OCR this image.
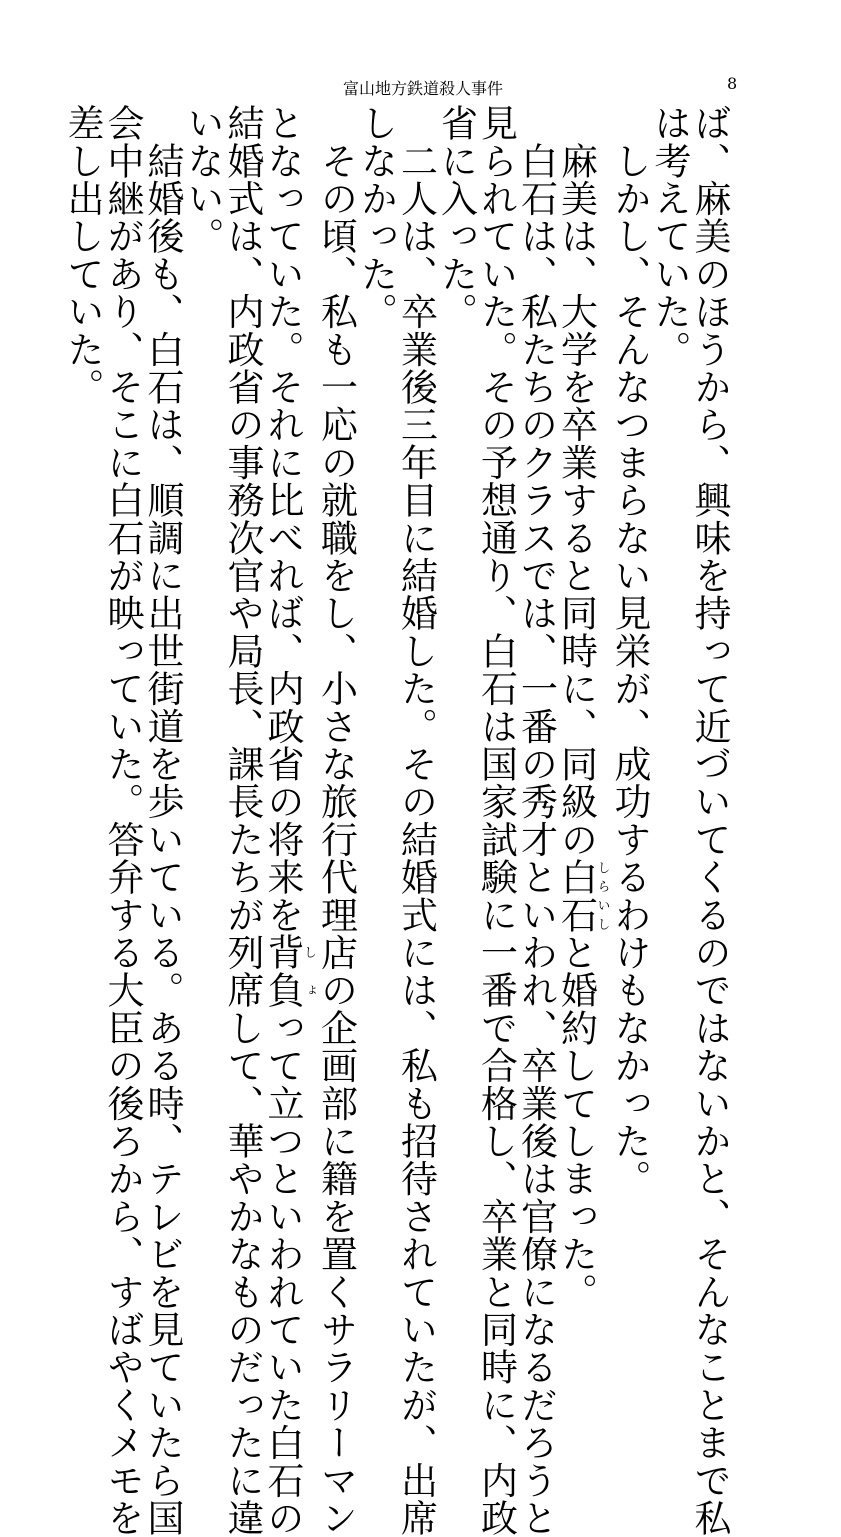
富山地方鉄道殺人事件	8
ば、麻美のほうから、興味を持って近づいてくるのではないかと、そんなことまで私
は考えていた。
　しかし、そんなつまらない見栄が、成功するわけもなかった。
　麻美は、大学を卒業すると同時に、同級の白石しらいしと婚約してしまった。
　白石は、私たちのクラスでは、一番の秀才といわれ、卒業後は官僚になるだろうと
見られていた。その予想通り、白石は国家試験に一番で合格し、卒業と同時に、内政
省に入った。
　二人は、卒業後三年目に結婚した。その結婚式には、私も招待されていたが、出席
しなかった。
　その頃、私も一応の就職をし、小さな旅行代理店の企画部に籍を置くサラリーマン
となっていた。それに比べれば、内政省の将来を背負しょって立つといわれていた白石の
結婚式は、内政省の事務次官や局長、課長たちが列席して、華やかなものだったに違
いない。
　結婚後も、白石は、順調に出世街道を歩いている。ある時、テレビを見ていたら国
会中継があり、そこに白石が映っていた。答弁する大臣の後ろから、すばやくメモを
差し出していた。
